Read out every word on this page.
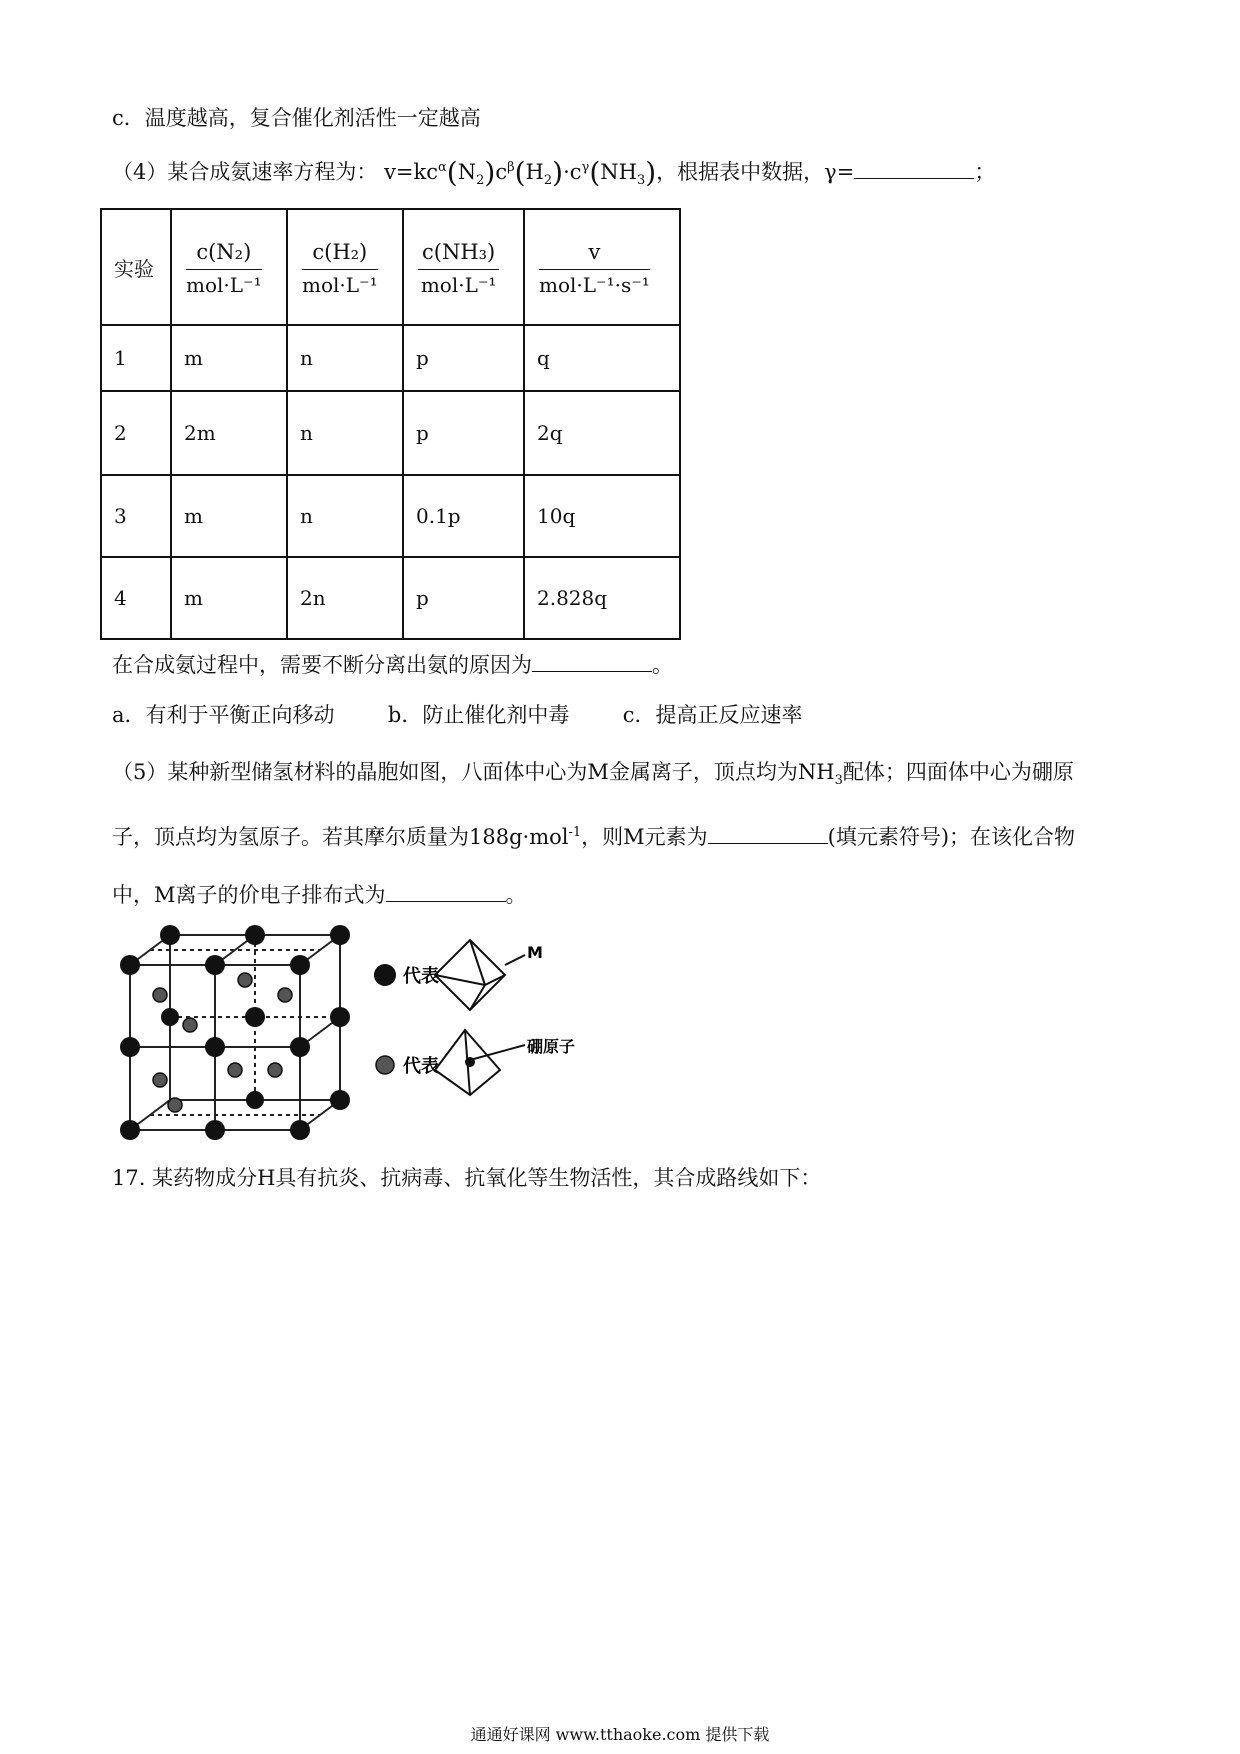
c．温度越高，复合催化剂活性一定越高
（4）某合成氨速率方程为： $v=kc^\alpha(N_2)c^\beta(H_2)\cdot c^\gamma(NH_3)$，根据表中数据，γ=	；
实验	$\frac{\text{c(N₂)}}{\text{mol·L⁻¹}}$	$\frac{\text{c(H₂)}}{\text{mol·L⁻¹}}$	$\frac{\text{c(NH₃)}}{\text{mol·L⁻¹}}$	$\frac{v}{\text{mol·L⁻¹·s⁻¹}}$

1	m	n	p	q
2	2m	n	p	2q
3	m	n	0.1p	10q
4	m	2n	p	2.828q
在合成氨过程中，需要不断分离出氨的原因为	。
a．有利于平衡正向移动	b．防止催化剂中毒	c．提高正反应速率
（5）某种新型储氢材料的晶胞如图，八面体中心为M金属离子，顶点均为$NH_3$配体；四面体中心为硼原
子，顶点均为氢原子。若其摩尔质量为188g·mol$^{-1}$，则M元素为	(填元素符号)；在该化合物
中，M离子的价电子排布式为	。
代表
M
代表
硼原子
17. 某药物成分H具有抗炎、抗病毒、抗氧化等生物活性，其合成路线如下：
通通好课网 www.tthaoke.com 提供下载
